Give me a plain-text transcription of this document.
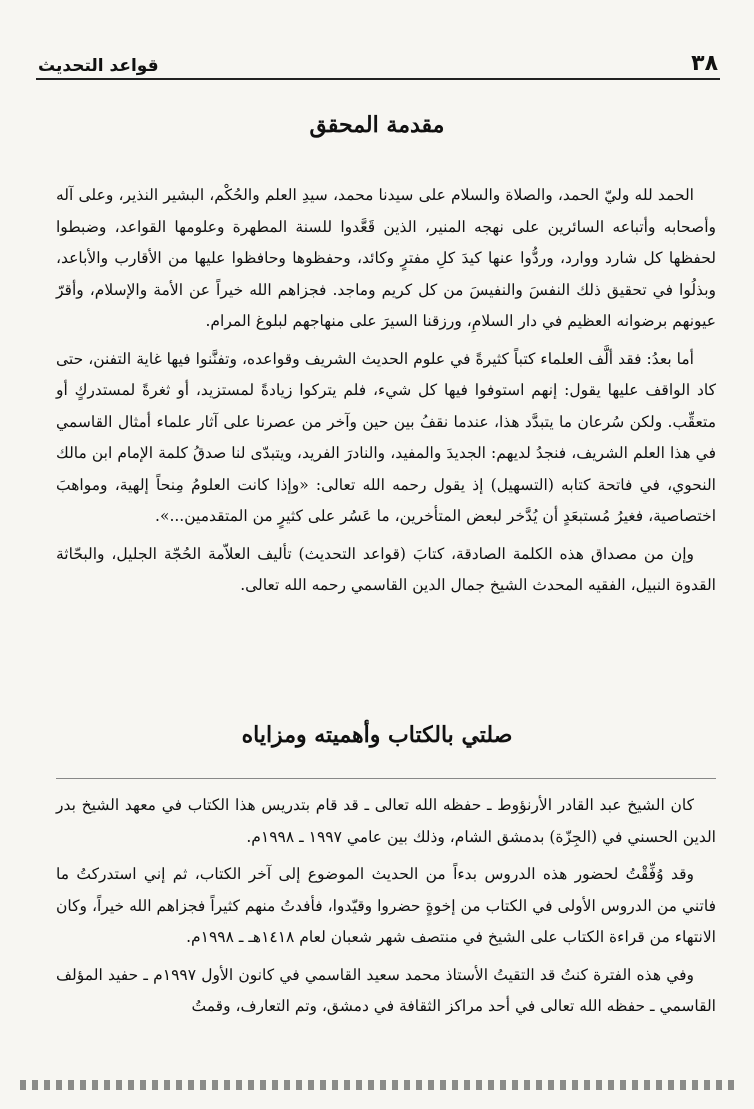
قواعد التحديث	٣٨
مقدمة المحقق

الحمد لله وليّ الحمد، والصلاة والسلام على سيدنا محمد، سيدِ العلم والحُكْم، البشير النذير، وعلى آله وأصحابه وأتباعه السائرين على نهجه المنير، الذين قَعَّدوا للسنة المطهرة وعلومها القواعد، وضبطوا لحفظها كل شارد ووارد، وردُّوا عنها كيدَ كلِ مفترٍ وكائد، وحفظوها وحافظوا عليها من الأقارب والأباعد، وبذلُوا في تحقيق ذلك النفسَ والنفيسَ من كل كريم وماجد. فجزاهم الله خيراً عن الأمة والإسلام، وأقرّ عيونهم برضوانه العظيم في دار السلامِ، ورزقنا السيرَ على منهاجهم لبلوغ المرام.

أما بعدُ: فقد ألَّف العلماء كتباً كثيرةً في علوم الحديث الشريف وقواعده، وتفنَّنوا فيها غاية التفنن، حتى كاد الواقف عليها يقول: إنهم استوفوا فيها كل شيء، فلم يتركوا زيادةً لمستزيد، أو ثغرةً لمستدركٍ أو متعقِّب. ولكن سُرعان ما يتبدَّد هذا، عندما نقفُ بين حين وآخر من عصرنا على آثار علماء أمثال القاسمي في هذا العلم الشريف، فنجدُ لديهم: الجديدَ والمفيد، والنادرَ الفريد، ويتبدّى لنا صدقُ كلمة الإمام ابن مالك النحوي، في فاتحة كتابه (التسهيل) إذ يقول رحمه الله تعالى: «وإذا كانت العلومُ مِنحاً إلهية، ومواهبَ اختصاصية، فغيرُ مُستبعَدٍ أن يُدَّخر لبعض المتأخرين، ما عَسُر على كثيرٍ من المتقدمين...».

وإن من مصداق هذه الكلمة الصادقة، كتابَ (قواعد التحديث) تأليف العلاّمة الحُجّة الجليل، والبحّاثة القدوة النبيل، الفقيه المحدث الشيخ جمال الدين القاسمي رحمه الله تعالى.

صلتي بالكتاب وأهميته ومزاياه

كان الشيخ عبد القادر الأرنؤوط ـ حفظه الله تعالى ـ قد قام بتدريس هذا الكتاب في معهد الشيخ بدر الدين الحسني في (الجِزّة) بدمشق الشام، وذلك بين عامي ١٩٩٧ ـ ١٩٩٨م.

وقد وُفِّقْتُ لحضور هذه الدروس بدءاً من الحديث الموضوع إلى آخر الكتاب، ثم إني استدركتُ ما فاتني من الدروس الأولى في الكتاب من إخوةٍ حضروا وقيّدوا، فأفدتُ منهم كثيراً فجزاهم الله خيراً، وكان الانتهاء من قراءة الكتاب على الشيخ في منتصف شهر شعبان لعام ١٤١٨هـ ـ ١٩٩٨م.

وفي هذه الفترة كنتُ قد التقيتُ الأستاذ محمد سعيد القاسمي في كانون الأول ١٩٩٧م ـ حفيد المؤلف القاسمي ـ حفظه الله تعالى في أحد مراكز الثقافة في دمشق، وتم التعارف، وقمتُ
